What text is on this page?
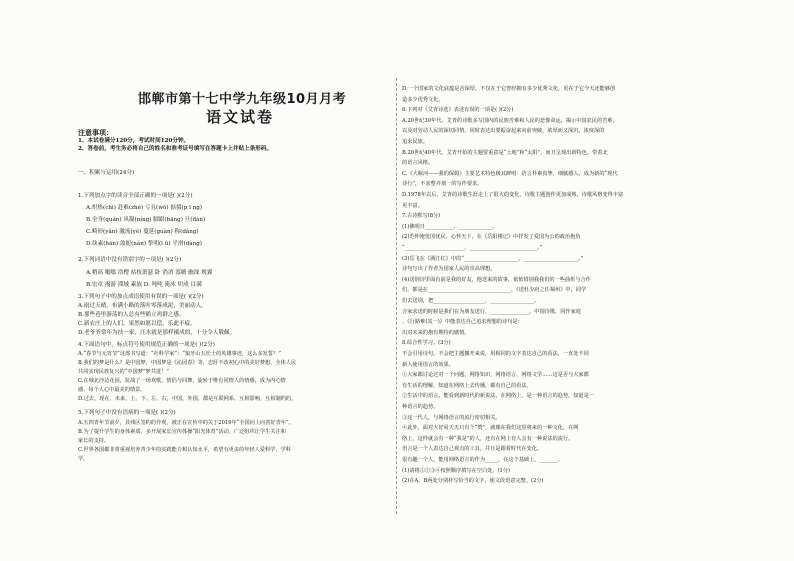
邯郸市第十七中学九年级10月月考
语文试卷
注意事项：
1、本试卷满分120分，考试时间120分钟。
2、答卷前，考生务必将自己的姓名和准考证号填写在答题卡上并贴上条形码。
一、积累与运用(24分)
1.下列加点字的读音全部正确的一项是( )(2分)
A.炽热(chì) 赴难(zhé) 亏且(wǒ) 掂掇(p ī ng)
B.全身(quán) 风凝(níng) 脚跟(bāng) 旦(dàn)
C.畸形(yǎn) 激流(yè) 蔓延(guàn) 称(dǎng)
D.纨素(hān) 敛扼(nán) 挚明(l ū) 平滑(dàng)
2.下列词语中没有错别字的一项是( )(2分)
A.稍高 嗡嗡 浩楞 枯枝萧瑟 卧 消消 寡嗨 幽深 规翼
B.宏章 漫游 滞域 素族 D. 吨吨 淹冰 炽成 目满
3.下列句子中的加点成语使用有误的一项是( )(2分)
A.雨过天晴，布满小路的落叶零落成泥，美丽动人。
B.那些巷里游荡的人总有些鹤立鸡群之感。
C.新农庄上的人们，果然如愿以偿，乐此不疲。
D.老爷爷常年为扶一家，汗水就是那样摄成的，十分令人敬佩。
4.下面语句中，标点符号使用规范正确的一项是( )(2分)
A.“春节与元宵节”这部书写道：“社科学家”：“狼牙山五壮士的英雄事迹，这么多发誓？”
B.我们的梦是什么？是中国梦，中国梦是《沁园春》等，忠肝不改初心中的美好梦想，全体人民
共同实现民族复兴的“中国梦”梦共进！”
C.在城北沙边花园，抗战了一场欢歌，情侣与回舞，旋转于唯有同情人的情感，成为内心情
感，每个人心中最美的情景。
D.过去、现在、未来，上、下、左、右，中国，外国，都是互联网系、互相影响、互相制约的。
5.下列句子中没有语病的一项是( )(2分)
A.五四青年节前夕，县残区签约的异观，被正在宣传中的关于2019年“全国向上向善好青年”。
B.为了提升学生的身体素质，多开展家长宣传体操“阳光体育”活动，广泛组织让学生关注和
家长的支持。
C.世界各国都非常重视培养青少年的实践能力和认知水平，希望有更多的年轻人爱科学，学科
学。
D.一个国家的文化底蕴是否深厚，不仅在于它曾经拥有多少优秀文化，更在于它今天还能够创
造多少优秀文化。
6.下列对《艾青诗选》表述有误的一项是( )(2分)
A.20世纪30年代，艾青的诗歌多写国内的民族苦难和人民的悲惨命运，揭示中国农民的苦难，
以及对劳动人民的深切同情，同时表达出要振奋起来向前突破，浓厚而又深沉，浓度深的
追求民族。
B.20世纪40年代，艾青开始的主题要重意是“土地”和“太阳”，而且呈现出新特色，带着北
的语言风格。
C.《大堰河——我的保姆》主要艺术特色极其鲜明：语言朴素真挚，细腻感人，成为新的“现代
诗行”，不求整齐划一的写作要求。
D.1978年以后，艾青的诗歌生涯走上了很大的变化，诗歌主题创作更加成熟，诗歌风格变得丰富
更丰富。
7.古诗默写(8分)
(1)佛明日___________，_____________。
(2)范仲淹忧国忧民，心怀天下，在《岳阳楼记》中抒发了爱国为公的政治抱负
“_______________________，__________________________。”
(3)岳飞在《满江红》中的“_____________________，_____________________。”
诗句写出了作者为国家人民的崇高理想。
(4)送别诗里面有前是我的好友，他送来的故事，依依惜别我我们的一些曲折与合作
们，都是在________________________________，《送杜少府之任蜀州》中，同学
们去送别，把____________________，_________________。
合家求送的时候是我们在为朋友送行，_______________，中国诗歌，同作家庭
。《行路难(其一)》中能表达自己追求理想的诗句是：
出对未来的抱有期待的感情。
8.综合性学习。(3分)
不会引用诗句，不会把主题挪开来说，用相同的文字表达自己的看法，一直处不同
新人使用语言的效果。
①大家都讨论过对一个问题，网络知识，网络语言，网络文学……这是否与大家都
有生活的理解，知道在网络上去传播，都有自己的看法。
②生活中的语言，能看到新时代的新说法，在网络上，是一种语言的趋势，知道是一
种语言的趋势。
③这一代人，与网络语言的流行密切相关。
④此外，面对大好易天天只有个“赞”，就像在我们这里将来的一种文化，在网
络上，这样就会有一种“我是”的人，还有在网上有人会有一种说法的流行。
语言是一个人表达自己观点的工具，并且是跟着时代在变化。
很有趣一个人，能用网络语言的作为_____，在这个基础上，_______。
(1)请将①②③④按照顺序填写在空白处。(1分)
(2)在A、B两处分别补写恰当的文字，使文段语意完整。(2分)
